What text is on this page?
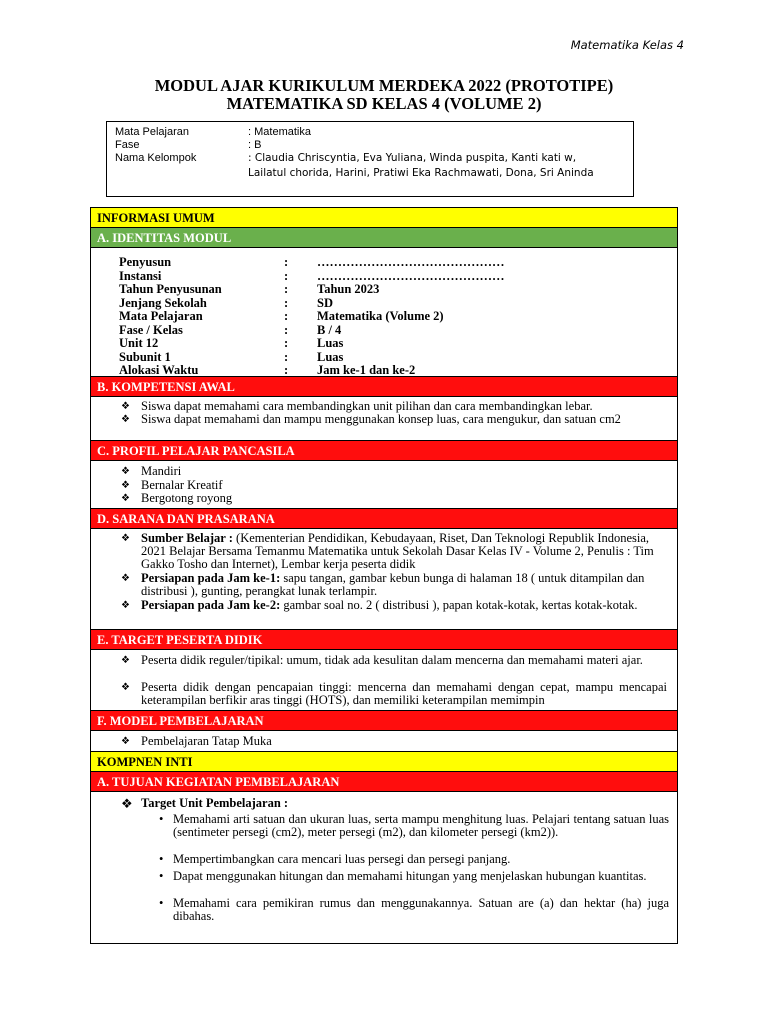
Matematika Kelas 4
MODUL AJAR KURIKULUM MERDEKA 2022 (PROTOTIPE)
MATEMATIKA SD KELAS 4 (VOLUME 2)
Mata Pelajaran	: Matematika
Fase	: B
Nama Kelompok	: Claudia Chriscyntia, Eva Yuliana, Winda puspita, Kanti kati w,
Lailatul chorida, Harini, Pratiwi Eka Rachmawati, Dona, Sri Aninda
INFORMASI UMUM
A. IDENTITAS MODUL
Penyusun	: ………………………………………
Instansi	: ………………………………………
Tahun Penyusunan	: Tahun 2023
Jenjang Sekolah	: SD
Mata Pelajaran	: Matematika (Volume 2)
Fase / Kelas	: B / 4
Unit 12	: Luas
Subunit 1	: Luas
Alokasi Waktu	: Jam ke-1 dan ke-2
B. KOMPETENSI AWAL
❖ Siswa dapat memahami cara membandingkan unit pilihan dan cara membandingkan lebar.
❖ Siswa dapat memahami dan mampu menggunakan konsep luas, cara mengukur, dan satuan cm2
C. PROFIL PELAJAR PANCASILA
❖ Mandiri
❖ Bernalar Kreatif
❖ Bergotong royong
D. SARANA DAN PRASARANA
❖ Sumber Belajar : (Kementerian Pendidikan, Kebudayaan, Riset, Dan Teknologi Republik Indonesia, 2021 Belajar Bersama Temanmu Matematika untuk Sekolah Dasar Kelas IV - Volume 2, Penulis : Tim Gakko Tosho dan Internet), Lembar kerja peserta didik
❖ Persiapan pada Jam ke-1: sapu tangan, gambar kebun bunga di halaman 18 ( untuk ditampilan dan distribusi ), gunting, perangkat lunak terlampir.
❖ Persiapan pada Jam ke-2: gambar soal no. 2 ( distribusi ), papan kotak-kotak, kertas kotak-kotak.
E. TARGET PESERTA DIDIK
❖ Peserta didik reguler/tipikal: umum, tidak ada kesulitan dalam mencerna dan memahami materi ajar.
❖ Peserta didik dengan pencapaian tinggi: mencerna dan memahami dengan cepat, mampu mencapai keterampilan berfikir aras tinggi (HOTS), dan memiliki keterampilan memimpin
F. MODEL PEMBELAJARAN
❖ Pembelajaran Tatap Muka
KOMPNEN INTI
A. TUJUAN KEGIATAN PEMBELAJARAN
❖ Target Unit Pembelajaran :
• Memahami arti satuan dan ukuran luas, serta mampu menghitung luas. Pelajari tentang satuan luas (sentimeter persegi (cm2), meter persegi (m2), dan kilometer persegi (km2)).
• Mempertimbangkan cara mencari luas persegi dan persegi panjang.
• Dapat menggunakan hitungan dan memahami hitungan yang menjelaskan hubungan kuantitas.
• Memahami cara pemikiran rumus dan menggunakannya. Satuan are (a) dan hektar (ha) juga dibahas.
